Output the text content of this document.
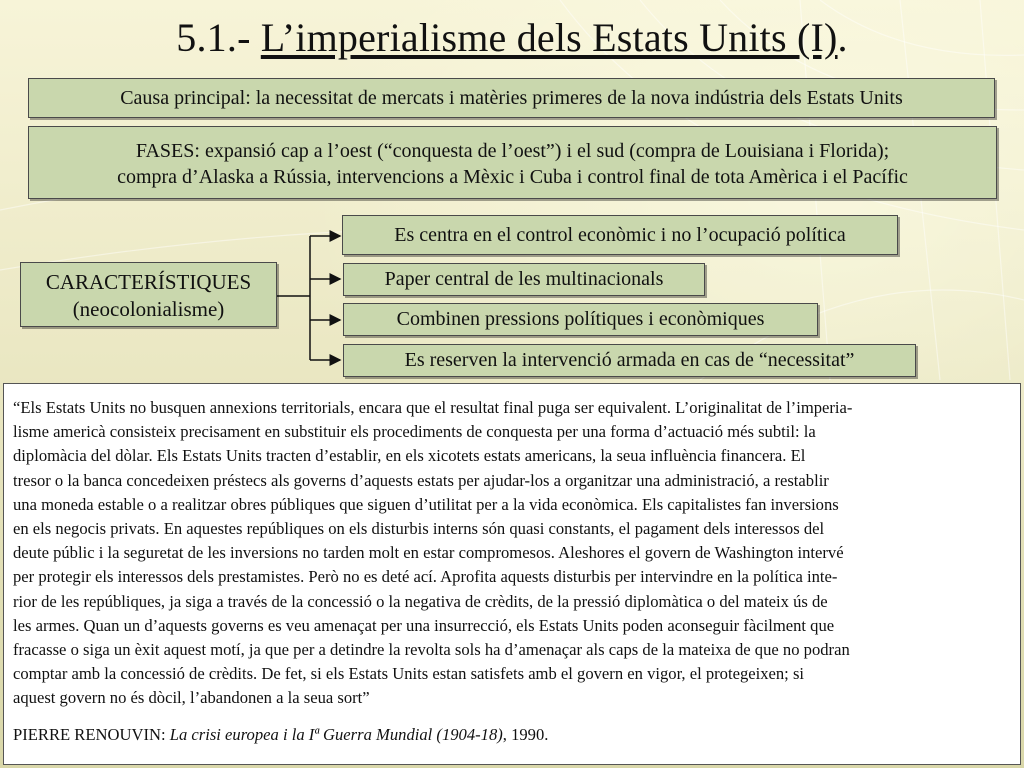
5.1.- L’imperialisme dels Estats Units (I).
Causa principal: la necessitat de mercats i matèries primeres de la nova indústria dels Estats Units
FASES: expansió cap a l’oest (“conquesta de l’oest”) i el sud (compra de Louisiana i Florida);
compra d’Alaska a Rússia, intervencions a Mèxic i Cuba i control final de tota Amèrica i el Pacífic
CARACTERÍSTIQUES
(neocolonialisme)
Es centra en el control econòmic i no l’ocupació política
Paper central de les multinacionals
Combinen pressions polítiques i econòmiques
Es reserven la intervenció armada en cas de “necessitat”

“Els Estats Units no busquen annexions territorials, encara que el resultat final puga ser equivalent. L’originalitat de l’imperia-

lisme americà consisteix precisament en substituir els procediments de conquesta per una forma d’actuació més subtil: la

diplomàcia del dòlar. Els Estats Units tracten d’establir, en els xicotets estats americans, la seua influència financera. El

tresor o la banca concedeixen préstecs als governs d’aquests estats per ajudar-los a organitzar una administració, a restablir

una moneda estable o a realitzar obres públiques que siguen d’utilitat per a la vida econòmica. Els capitalistes fan inversions

en els negocis privats. En aquestes repúbliques on els disturbis interns són quasi constants, el pagament dels interessos del

deute públic i la seguretat de les inversions no tarden molt en estar compromesos. Aleshores el govern de Washington intervé

per protegir els interessos dels prestamistes. Però no es deté ací. Aprofita aquests disturbis per intervindre en la política inte-

rior de les repúbliques, ja siga a través de la concessió o la negativa de crèdits, de la pressió diplomàtica o del mateix ús de

les armes. Quan un d’aquests governs es veu amenaçat per una insurrecció, els Estats Units poden aconseguir fàcilment que

fracasse o siga un èxit aquest motí, ja que per a detindre la revolta sols ha d’amenaçar als caps de la mateixa de que no podran

comptar amb la concessió de crèdits. De fet, si els Estats Units estan satisfets amb el govern en vigor, el protegeixen; si

aquest govern no és dòcil, l’abandonen a la seua sort”

PIERRE RENOUVIN: La crisi europea i la Iª Guerra Mundial (1904-18), 1990.
